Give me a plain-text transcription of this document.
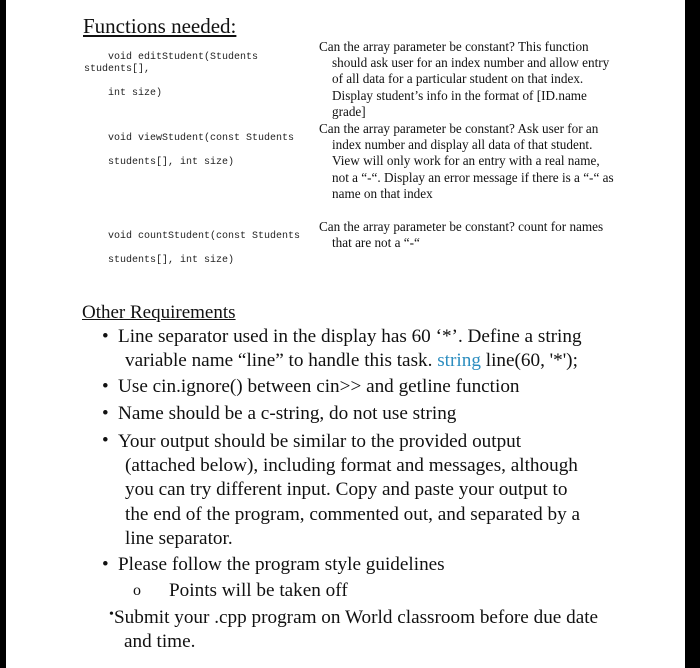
Functions needed:

void editStudent(Students students[],

int size)

Can the array parameter be constant? This function
should ask user for an index number and allow entry
of all data for a particular student on that index.
Display student’s info in the format of [ID.name
grade]

void viewStudent(const Students

students[], int size)

Can the array parameter be constant? Ask user for an
index number and display all data of that student.
View will only work for an entry with a real name,
not a “-“. Display an error message if there is a “-“ as
name on that index

void countStudent(const Students

students[], int size)

Can the array parameter be constant? count for names
that are not a “-“
Other Requirements
• Line separator used in the display has 60 ‘*’. Define a string
variable name “line” to handle this task. string line(60, '*');
• Use cin.ignore() between cin>> and getline function
• Name should be a c-string, do not use string
• Your output should be similar to the provided output
(attached below), including format and messages, although
you can try different input. Copy and paste your output to
the end of the program, commented out, and separated by a
line separator.
• Please follow the program style guidelines
o Points will be taken off
• Submit your .cpp program on World classroom before due date
and time.
